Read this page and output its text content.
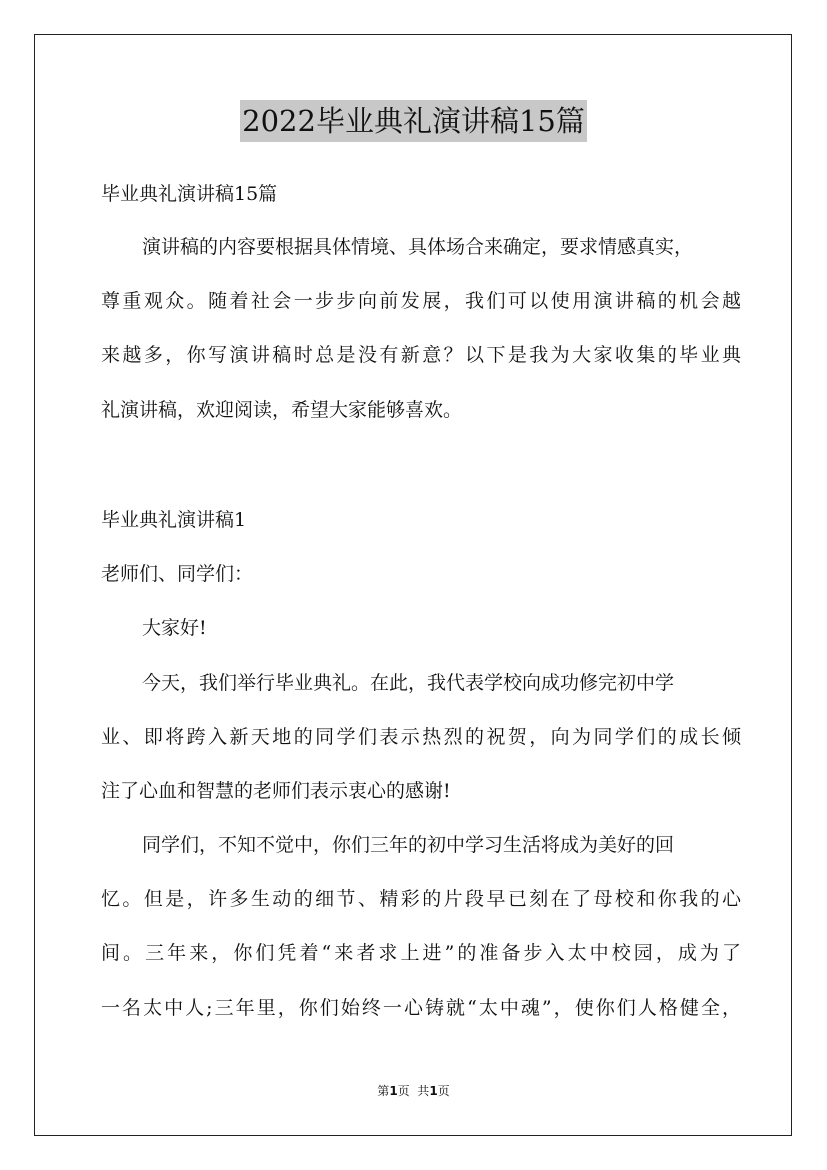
2022毕业典礼演讲稿15篇
毕业典礼演讲稿15篇
演讲稿的内容要根据具体情境、具体场合来确定，要求情感真实，
尊重观众。随着社会一步步向前发展，我们可以使用演讲稿的机会越
来越多，你写演讲稿时总是没有新意？以下是我为大家收集的毕业典
礼演讲稿，欢迎阅读，希望大家能够喜欢。
毕业典礼演讲稿1
老师们、同学们：
大家好!
今天，我们举行毕业典礼。在此，我代表学校向成功修完初中学
业、即将跨入新天地的同学们表示热烈的祝贺，向为同学们的成长倾
注了心血和智慧的老师们表示衷心的感谢!
同学们，不知不觉中，你们三年的初中学习生活将成为美好的回
忆。但是，许多生动的细节、精彩的片段早已刻在了母校和你我的心
间。三年来，你们凭着“来者求上进”的准备步入太中校园，成为了
一名太中人;三年里，你们始终一心铸就“太中魂”，使你们人格健全，
第1页  共1页
